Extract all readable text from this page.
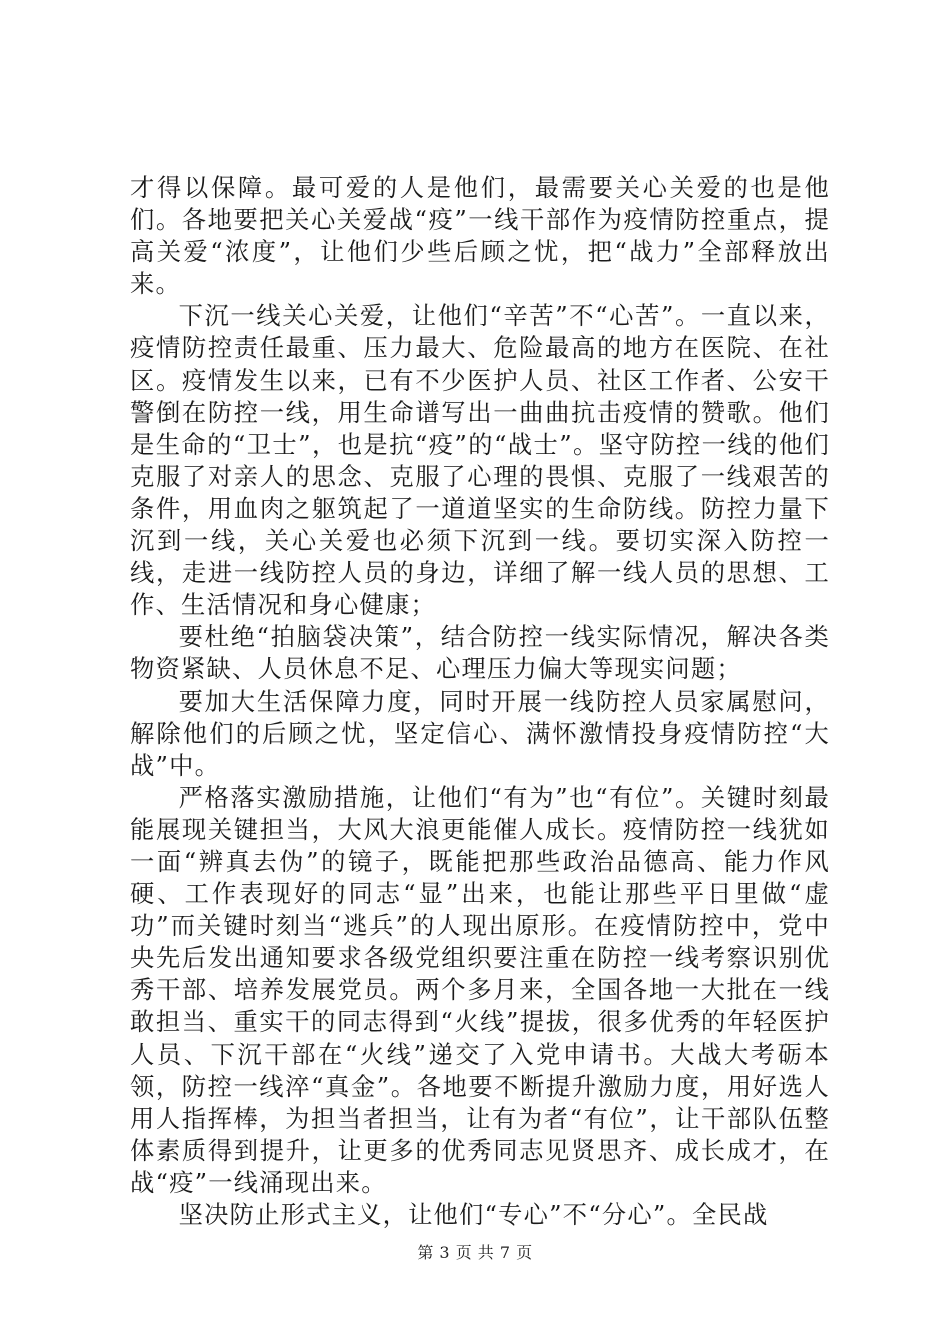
才得以保障。最可爱的人是他们，最需要关心关爱的也是他们。各地要把关心关爱战“疫”一线干部作为疫情防控重点，提高关爱“浓度”，让他们少些后顾之忧，把“战力”全部释放出来。

下沉一线关心关爱，让他们“辛苦”不“心苦”。一直以来，疫情防控责任最重、压力最大、危险最高的地方在医院、在社区。疫情发生以来，已有不少医护人员、社区工作者、公安干警倒在防控一线，用生命谱写出一曲曲抗击疫情的赞歌。他们是生命的“卫士”，也是抗“疫”的“战士”。坚守防控一线的他们克服了对亲人的思念、克服了心理的畏惧、克服了一线艰苦的条件，用血肉之躯筑起了一道道坚实的生命防线。防控力量下沉到一线，关心关爱也必须下沉到一线。要切实深入防控一线，走进一线防控人员的身边，详细了解一线人员的思想、工作、生活情况和身心健康；

要杜绝“拍脑袋决策”，结合防控一线实际情况，解决各类物资紧缺、人员休息不足、心理压力偏大等现实问题；

要加大生活保障力度，同时开展一线防控人员家属慰问，解除他们的后顾之忧，坚定信心、满怀激情投身疫情防控“大战”中。

严格落实激励措施，让他们“有为”也“有位”。关键时刻最能展现关键担当，大风大浪更能催人成长。疫情防控一线犹如一面“辨真去伪”的镜子，既能把那些政治品德高、能力作风硬、工作表现好的同志“显”出来，也能让那些平日里做“虚功”而关键时刻当“逃兵”的人现出原形。在疫情防控中，党中央先后发出通知要求各级党组织要注重在防控一线考察识别优秀干部、培养发展党员。两个多月来，全国各地一大批在一线敢担当、重实干的同志得到“火线”提拔，很多优秀的年轻医护人员、下沉干部在“火线”递交了入党申请书。大战大考砺本领，防控一线淬“真金”。各地要不断提升激励力度，用好选人用人指挥棒，为担当者担当，让有为者“有位”，让干部队伍整体素质得到提升，让更多的优秀同志见贤思齐、成长成才，在战“疫”一线涌现出来。

坚决防止形式主义，让他们“专心”不“分心”。全民战

第 3 页 共 7 页
